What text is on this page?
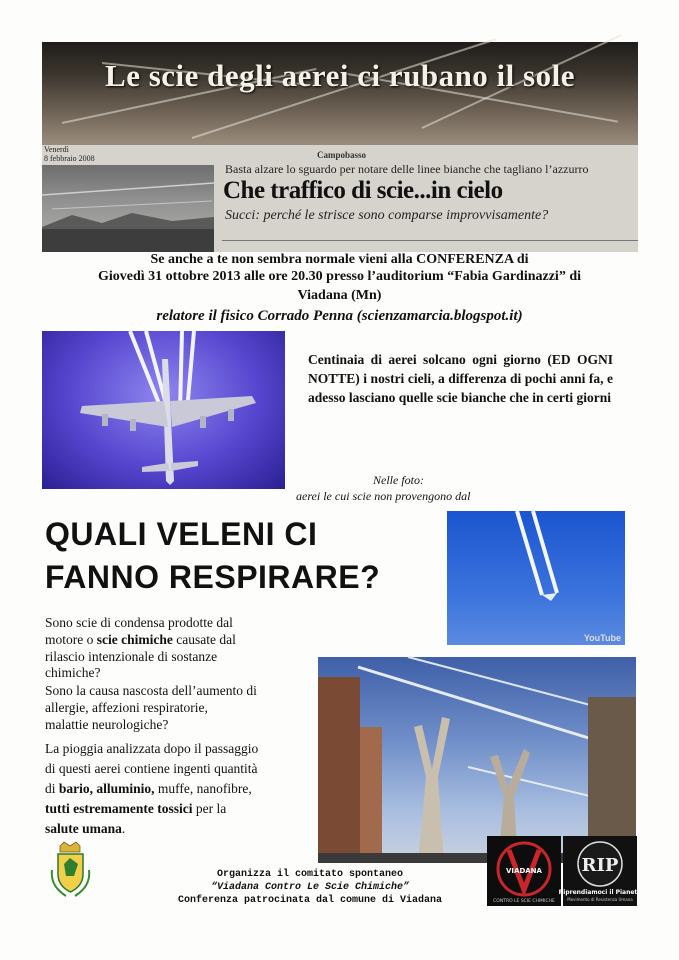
Le scie degli aerei ci rubano il sole
Venerdì
8 febbraio 2008	Campobasso
Basta alzare lo sguardo per notare delle linee bianche che tagliano l’azzurro
Che traffico di scie...in cielo
Succi: perché le strisce sono comparse improvvisamente?
Se anche a te non sembra normale vieni alla CONFERENZA di
Giovedì 31 ottobre 2013 alle ore 20.30 presso l’auditorium “Fabia Gardinazzi” di
Viadana (Mn)
relatore il fisico Corrado Penna (scienzamarcia.blogspot.it)
Centinaia di aerei solcano ogni giorno (ED OGNI NOTTE) i nostri cieli, a differenza di pochi anni fa, e adesso lasciano quelle scie bianche che in certi giorni
Nelle foto:
aerei le cui scie non provengono dal
QUALI VELENI CI
FANNO RESPIRARE?
YouTube
Sono scie di condensa prodotte dal
motore o scie chimiche causate dal
rilascio intenzionale di sostanze
chimiche?
Sono la causa nascosta dell’aumento di
allergie, affezioni respiratorie,
malattie neurologiche?
La pioggia analizzata dopo il passaggio
di questi aerei contiene ingenti quantità
di bario, alluminio, muffe, nanofibre,
tutti estremamente tossici per la
salute umana.
Organizza il comitato spontaneo
“Viadana Contro Le Scie Chimiche”
Conferenza patrocinata dal comune di Viadana
VIADANA
CONTRO LE SCIE CHIMICHE
RIP
Riprendiamoci il Pianeta
Movimento di Resistenza Umana
